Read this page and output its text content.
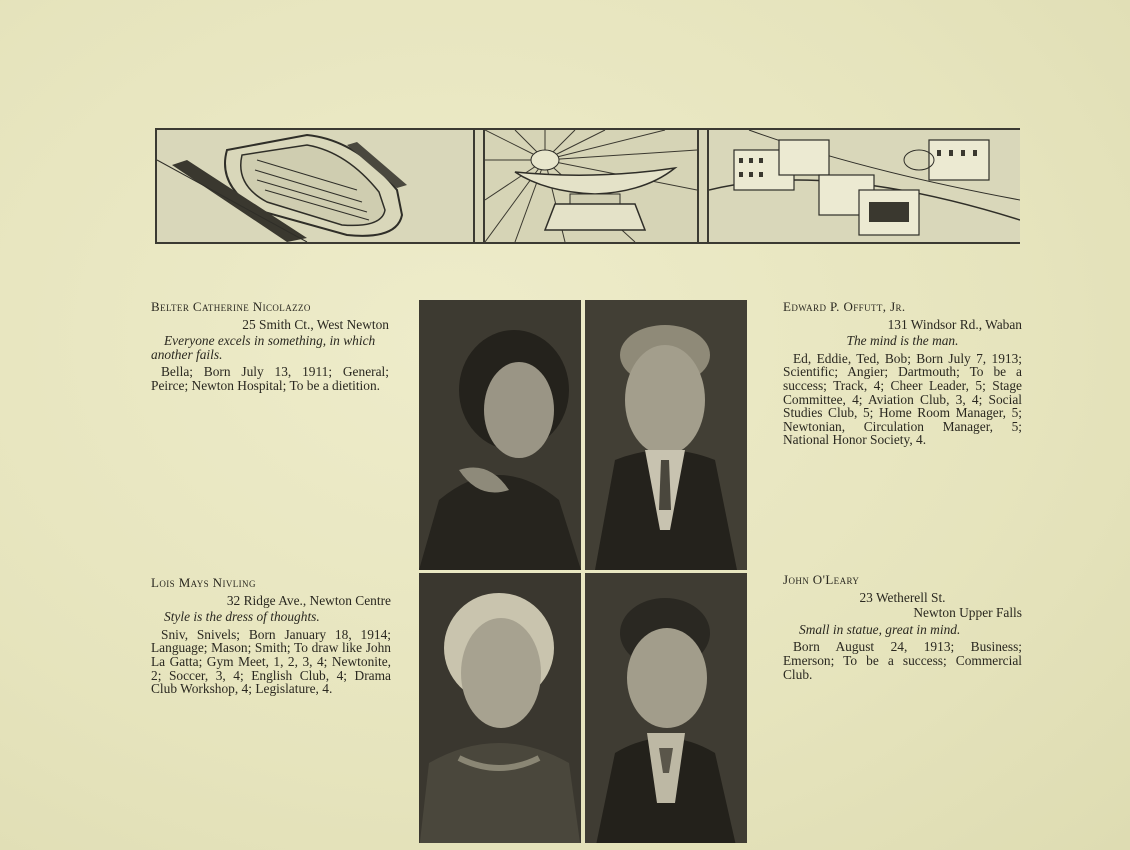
Belter Catherine Nicolazzo
25 Smith Ct., West Newton
Everyone excels in something, in which another fails.
Bella; Born July 13, 1911; General; Peirce; Newton Hospital; To be a dietition.
Edward P. Offutt, Jr.
131 Windsor Rd., Waban
The mind is the man.
Ed, Eddie, Ted, Bob; Born July 7, 1913; Scientific; Angier; Dartmouth; To be a success; Track, 4; Cheer Leader, 5; Stage Committee, 4; Aviation Club, 3, 4; Social Studies Club, 5; Home Room Manager, 5; Newtonian, Circulation Manager, 5; National Honor Society, 4.
Lois Mays Nivling
32 Ridge Ave., Newton Centre
Style is the dress of thoughts.
Sniv, Snivels; Born January 18, 1914; Language; Mason; Smith; To draw like John La Gatta; Gym Meet, 1, 2, 3, 4; Newtonite, 2; Soccer, 3, 4; English Club, 4; Drama Club Workshop, 4; Legislature, 4.
John O'Leary
23 Wetherell St.
Newton Upper Falls
Small in statue, great in mind.
Born August 24, 1913; Business; Emerson; To be a success; Commercial Club.
